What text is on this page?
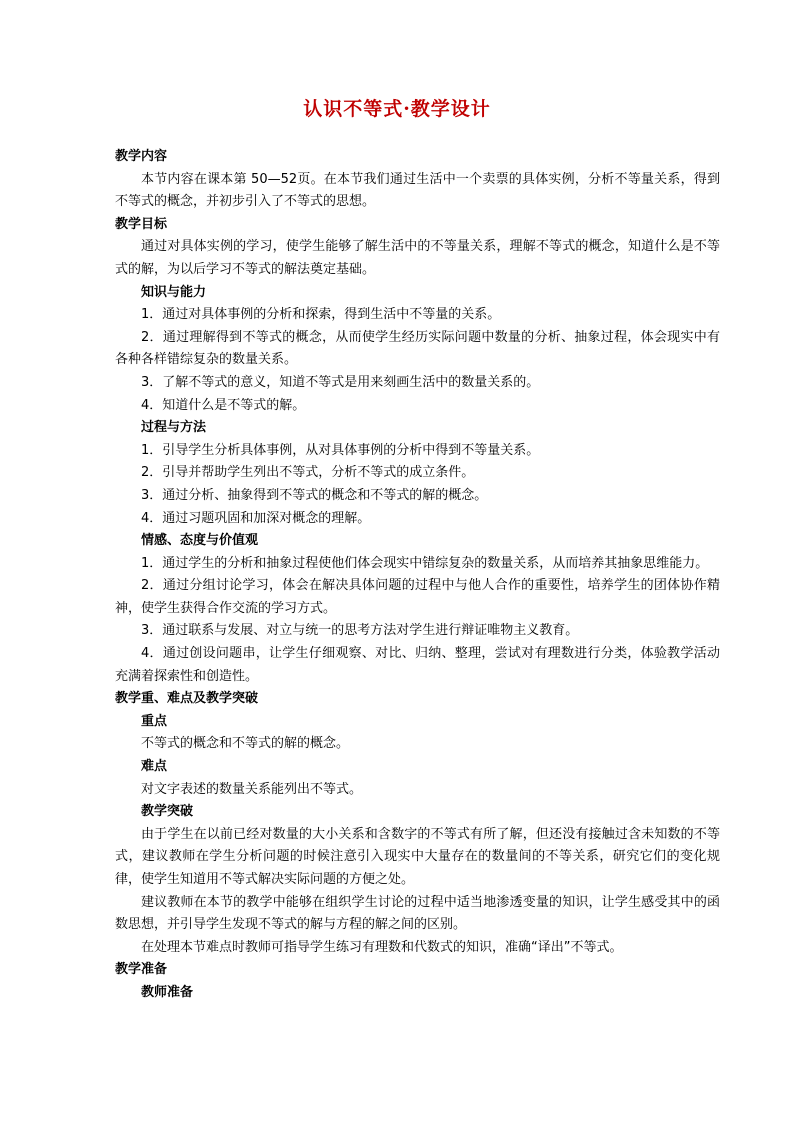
认识不等式·教学设计

教学内容

本节内容在课本第 50—52页。在本节我们通过生活中一个卖票的具体实例，分析不等量关系，得到不等式的概念，并初步引入了不等式的思想。

教学目标

通过对具体实例的学习，使学生能够了解生活中的不等量关系，理解不等式的概念，知道什么是不等式的解，为以后学习不等式的解法奠定基础。

知识与能力

1．通过对具体事例的分析和探索，得到生活中不等量的关系。

2．通过理解得到不等式的概念，从而使学生经历实际问题中数量的分析、抽象过程，体会现实中有各种各样错综复杂的数量关系。

3．了解不等式的意义，知道不等式是用来刻画生活中的数量关系的。

4．知道什么是不等式的解。

过程与方法

1．引导学生分析具体事例，从对具体事例的分析中得到不等量关系。

2．引导并帮助学生列出不等式，分析不等式的成立条件。

3．通过分析、抽象得到不等式的概念和不等式的解的概念。

4．通过习题巩固和加深对概念的理解。

情感、态度与价值观

1．通过学生的分析和抽象过程使他们体会现实中错综复杂的数量关系，从而培养其抽象思维能力。

2．通过分组讨论学习，体会在解决具体问题的过程中与他人合作的重要性，培养学生的团体协作精神，使学生获得合作交流的学习方式。

3．通过联系与发展、对立与统一的思考方法对学生进行辩证唯物主义教育。

4．通过创设问题串，让学生仔细观察、对比、归纳、整理，尝试对有理数进行分类，体验教学活动充满着探索性和创造性。

教学重、难点及教学突破

重点

不等式的概念和不等式的解的概念。

难点

对文字表述的数量关系能列出不等式。

教学突破

由于学生在以前已经对数量的大小关系和含数字的不等式有所了解，但还没有接触过含未知数的不等式，建议教师在学生分析问题的时候注意引入现实中大量存在的数量间的不等关系，研究它们的变化规律，使学生知道用不等式解决实际问题的方便之处。

建议教师在本节的教学中能够在组织学生讨论的过程中适当地渗透变量的知识，让学生感受其中的函数思想，并引导学生发现不等式的解与方程的解之间的区别。

在处理本节难点时教师可指导学生练习有理数和代数式的知识，准确“译出”不等式。

教学准备

教师准备
